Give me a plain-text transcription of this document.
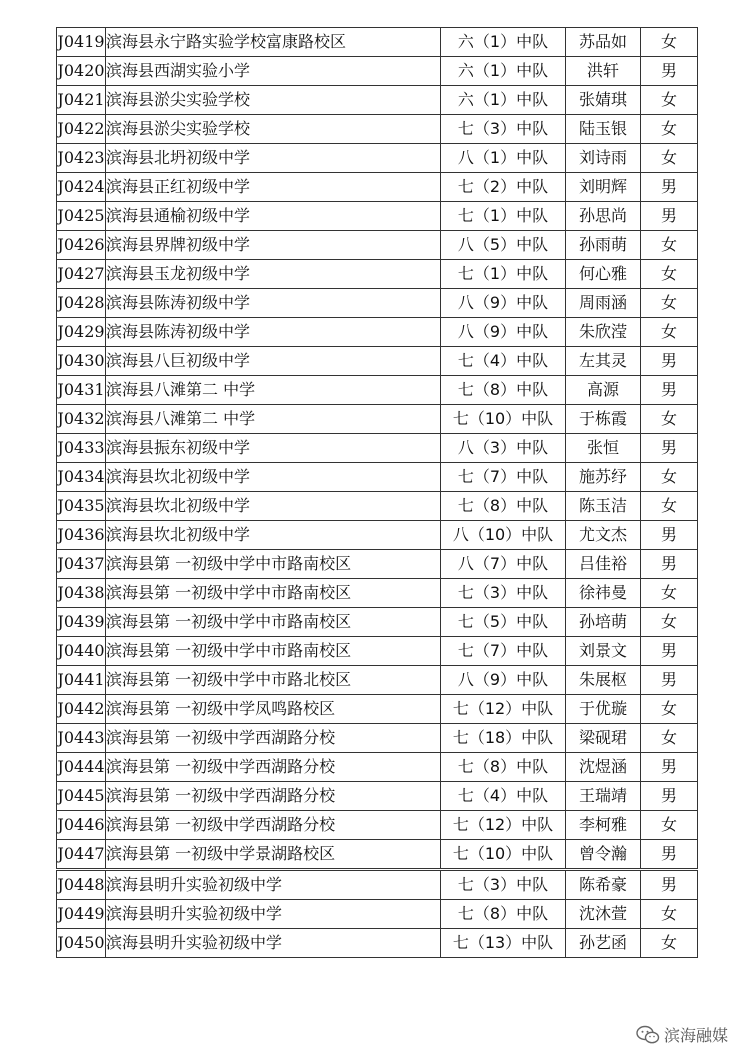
J0419	滨海县永宁路实验学校富康路校区	六（1）中队	苏品如	女
J0420	滨海县西湖实验小学	六（1）中队	洪轩	男
J0421	滨海县淤尖实验学校	六（1）中队	张婧琪	女
J0422	滨海县淤尖实验学校	七（3）中队	陆玉银	女
J0423	滨海县北坍初级中学	八（1）中队	刘诗雨	女
J0424	滨海县正红初级中学	七（2）中队	刘明辉	男
J0425	滨海县通榆初级中学	七（1）中队	孙思尚	男
J0426	滨海县界牌初级中学	八（5）中队	孙雨萌	女
J0427	滨海县玉龙初级中学	七（1）中队	何心雅	女
J0428	滨海县陈涛初级中学	八（9）中队	周雨涵	女
J0429	滨海县陈涛初级中学	八（9）中队	朱欣滢	女
J0430	滨海县八巨初级中学	七（4）中队	左其灵	男
J0431	滨海县八滩第二 中学	七（8）中队	高源	男
J0432	滨海县八滩第二 中学	七（10）中队	于栋霞	女
J0433	滨海县振东初级中学	八（3）中队	张恒	男
J0434	滨海县坎北初级中学	七（7）中队	施苏纾	女
J0435	滨海县坎北初级中学	七（8）中队	陈玉洁	女
J0436	滨海县坎北初级中学	八（10）中队	尤文杰	男
J0437	滨海县第 一初级中学中市路南校区	八（7）中队	吕佳裕	男
J0438	滨海县第 一初级中学中市路南校区	七（3）中队	徐祎曼	女
J0439	滨海县第 一初级中学中市路南校区	七（5）中队	孙培萌	女
J0440	滨海县第 一初级中学中市路南校区	七（7）中队	刘景文	男
J0441	滨海县第 一初级中学中市路北校区	八（9）中队	朱展枢	男
J0442	滨海县第 一初级中学凤鸣路校区	七（12）中队	于优璇	女
J0443	滨海县第 一初级中学西湖路分校	七（18）中队	梁砚珺	女
J0444	滨海县第 一初级中学西湖路分校	七（8）中队	沈煜涵	男
J0445	滨海县第 一初级中学西湖路分校	七（4）中队	王瑞靖	男
J0446	滨海县第 一初级中学西湖路分校	七（12）中队	李柯雅	女
J0447	滨海县第 一初级中学景湖路校区	七（10）中队	曾令瀚	男
J0448	滨海县明升实验初级中学	七（3）中队	陈希豪	男
J0449	滨海县明升实验初级中学	七（8）中队	沈沐萱	女
J0450	滨海县明升实验初级中学	七（13）中队	孙艺函	女
滨海融媒
